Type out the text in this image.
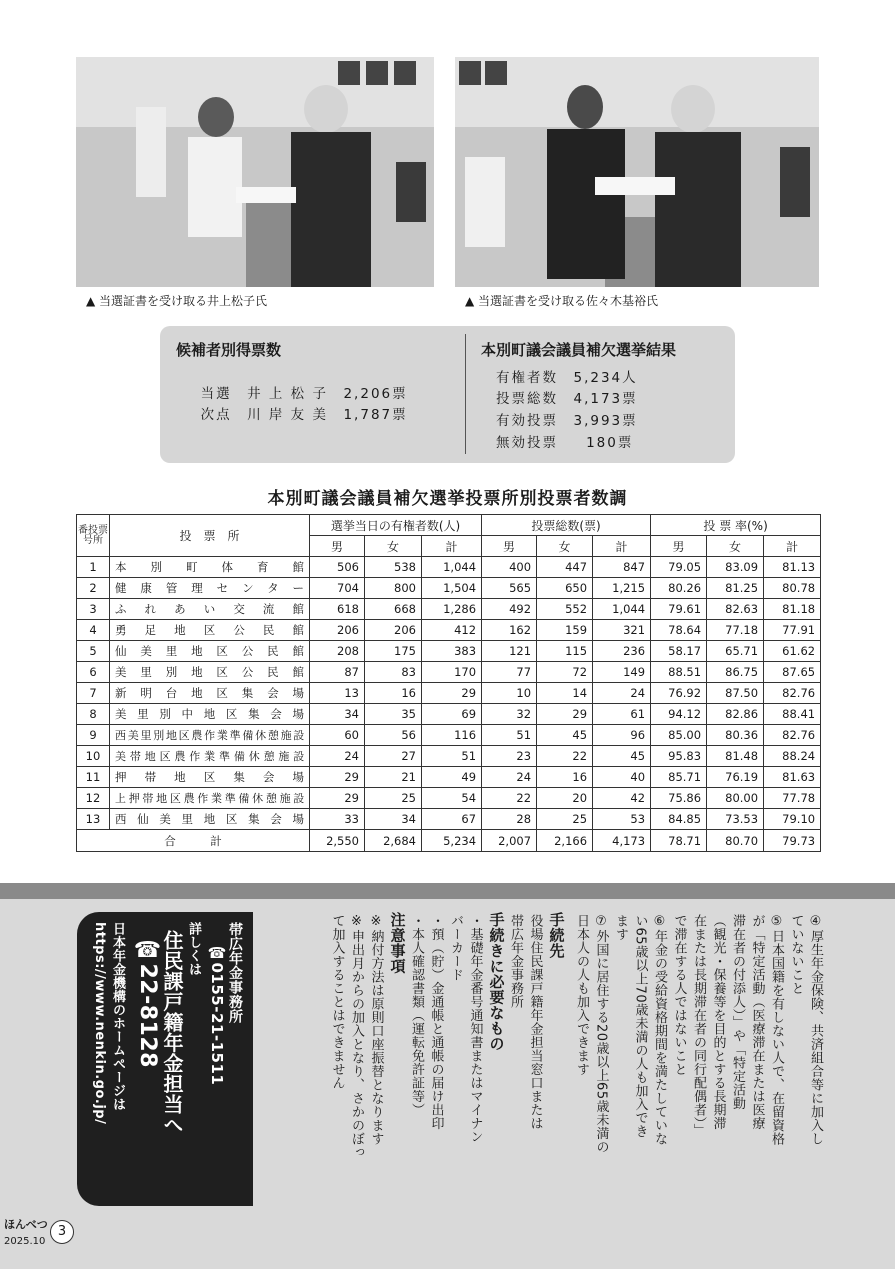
▲ 当選証書を受け取る井上松子氏	▲ 当選証書を受け取る佐々木基裕氏
候補者別得票数

当選　 井 上 松 子　 2,206票

次点　 川 岸 友 美　 1,787票

本別町議会議員補欠選挙結果
有権者数　 5,234人
投票総数　 4,173票
有効投票　 3,993票
無効投票　  180票
本別町議会議員補欠選挙投票所別投票者数調
番投票号所	投　票　所	選挙当日の有権者数(人)			投票総数(票)			投 票 率(%)		
		男	女	計	男	女	計	男	女	計
1	本別町体育館	506	538	1,044	400	447	847	79.05	83.09	81.13
2	健康管理センター	704	800	1,504	565	650	1,215	80.26	81.25	80.78
3	ふれあい交流館	618	668	1,286	492	552	1,044	79.61	82.63	81.18
4	勇足地区公民館	206	206	412	162	159	321	78.64	77.18	77.91
5	仙美里地区公民館	208	175	383	121	115	236	58.17	65.71	61.62
6	美里別地区公民館	87	83	170	77	72	149	88.51	86.75	87.65
7	新明台地区集会場	13	16	29	10	14	24	76.92	87.50	82.76
8	美里別中地区集会場	34	35	69	32	29	61	94.12	82.86	88.41
9	西美里別地区農作業準備休憩施設	60	56	116	51	45	96	85.00	80.36	82.76
10	美帯地区農作業準備休憩施設	24	27	51	23	22	45	95.83	81.48	88.24
11	押帯地区集会場	29	21	49	24	16	40	85.71	76.19	81.63
12	上押帯地区農作業準備休憩施設	29	25	54	22	20	42	75.86	80.00	77.78
13	西仙美里地区集会場	33	34	67	28	25	53	84.85	73.53	79.10
合　　　計		2,550	2,684	5,234	2,007	2,166	4,173	78.71	80.70	79.73
④厚生年金保険、共済組合等に加入し
ていないこと
⑤日本国籍を有しない人で、在留資格
が「特定活動（医療滞在または医療
滞在者の付添人）」や「特定活動
（観光・保養等を目的とする長期滞
在または長期滞在者の同行配偶者）」
で滞在する人ではないこと
⑥年金の受給資格期間を満たしていな
い65歳以上70歳未満の人も加入でき
ます
⑦外国に居住する20歳以上65歳未満の
日本人の人も加入できます
手続先
役場住民課戸籍年金担当窓口または
帯広年金事務所
手続きに必要なもの
・基礎年金番号通知書またはマイナン
バーカード
・預（貯）金通帳と通帳の届け出印
・本人確認書類（運転免許証等）
注意事項
※納付方法は原則口座振替となります
※申出月からの加入となり、さかのぼっ
て加入することはできません
帯広年金事務所
☎0155-21-1511
詳しくは
住民課戸籍年金担当へ
☎22-8128
日本年金機構のホームページは
https://www.nenkin.go.jp/
ほんべつ
2025.10
3
